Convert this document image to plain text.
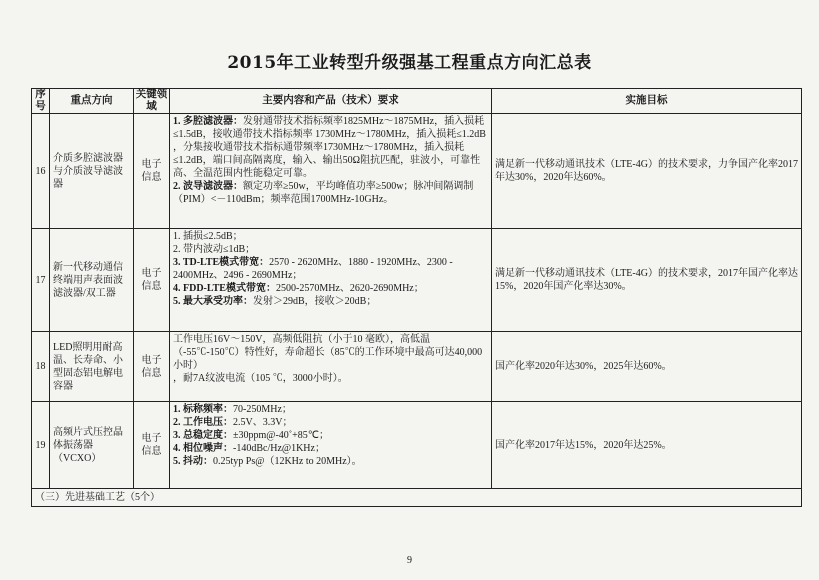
2015年工业转型升级强基工程重点方向汇总表
序号	重点方向	关键领域	主要内容和产品（技术）要求	实施目标
16	介质多腔滤波器与介质波导滤波器	电子信息	1. 多腔滤波器：发射通带技术指标频率1825MHz～1875MHz，插入损耗≤1.5dB，接收通带技术指标频率 1730MHz～1780MHz，插入损耗≤1.2dB
，分集接收通带技术指标通带频率1730MHz～1780MHz，插入损耗≤1.2dB，端口间高隔离度，输入、输出50Ω阻抗匹配，驻波小，可靠性高、全温范围内性能稳定可靠。
2. 波导滤波器：额定功率≥50w，平均峰值功率≥500w；脉冲间隔调制（PIM）<－110dBm；频率范围1700MHz-10GHz。	满足新一代移动通讯技术（LTE-4G）的技术要求，力争国产化率2017年达30%，2020年达60%。
17	新一代移动通信终端用声表面波滤波器/双工器	电子信息	1. 插损≤2.5dB；
2. 带内波动≤1dB；
3. TD-LTE模式带宽：2570 - 2620MHz、1880 - 1920MHz、2300 - 2400MHz、2496 - 2690MHz；
4. FDD-LTE模式带宽：2500-2570MHz、2620-2690MHz；
5. 最大承受功率：发射＞29dB，接收＞20dB；	满足新一代移动通讯技术（LTE-4G）的技术要求，2017年国产化率达15%，2020年国产化率达30%。
18	LED照明用耐高温、长寿命、小型固态铝电解电容器	电子信息	工作电压16V～150V，高频低阻抗（小于10 毫欧），高低温（-55℃-150℃）特性好，寿命超长（85℃的工作环境中最高可达40,000 小时）
，耐7A纹波电流（105 ℃，3000小时）。	国产化率2020年达30%，2025年达60%。
19	高频片式压控晶体振荡器（VCXO）	电子信息	1. 标称频率：70-250MHz；
2. 工作电压：2.5V、3.3V；
3. 总稳定度：±30ppm@-40˚+85℃；
4. 相位噪声：-140dBc/Hz@1KHz；
5. 抖动：0.25typ Ps@（12KHz to 20MHz）。	国产化率2017年达15%，2020年达25%。
（三）先进基础工艺（5个）				
9
